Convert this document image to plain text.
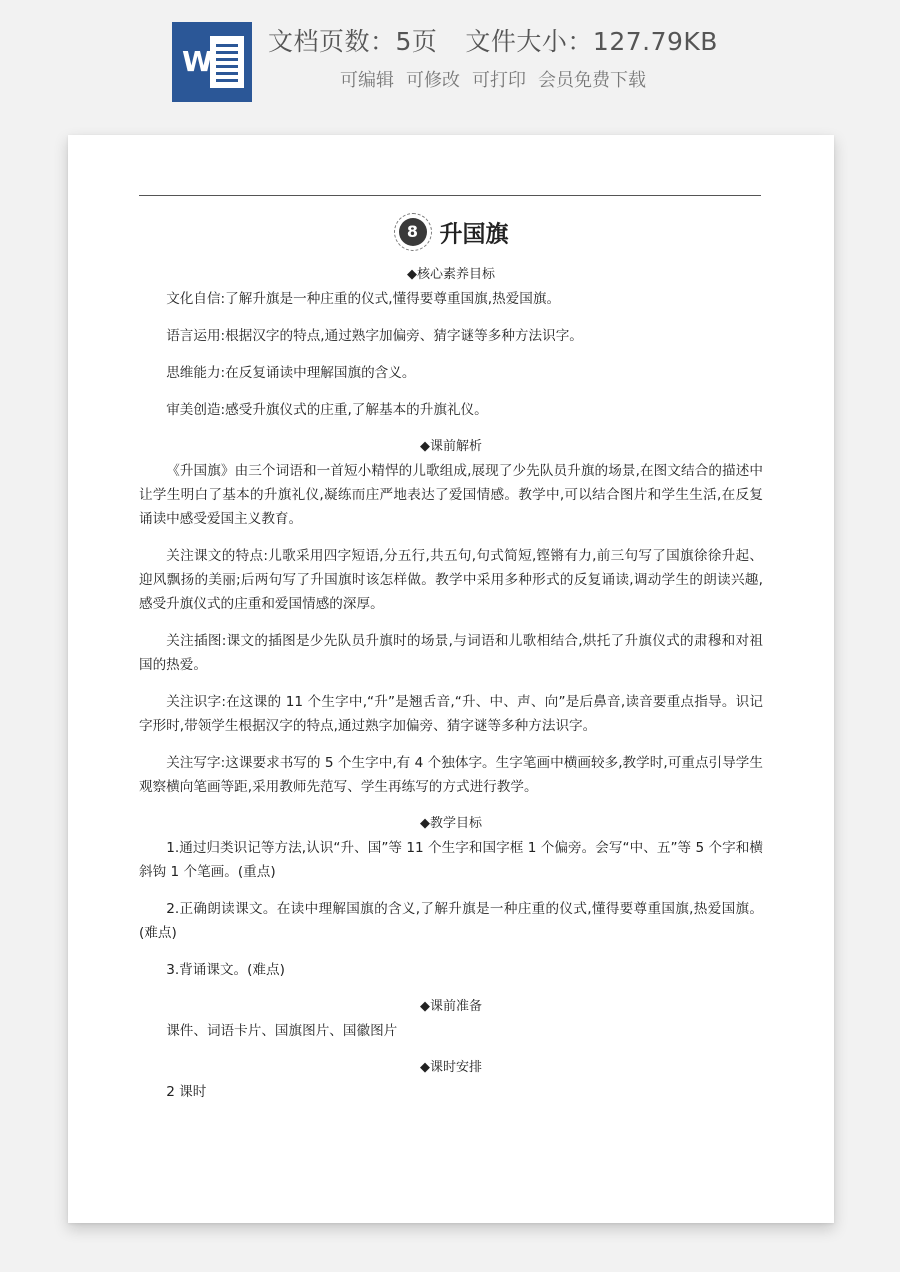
W
文档页数：5页 文件大小：127.79KB
可编辑 可修改 可打印 会员免费下载
8 升国旗
◆核心素养目标

文化自信:了解升旗是一种庄重的仪式,懂得要尊重国旗,热爱国旗。

语言运用:根据汉字的特点,通过熟字加偏旁、猜字谜等多种方法识字。

思维能力:在反复诵读中理解国旗的含义。

审美创造:感受升旗仪式的庄重,了解基本的升旗礼仪。

◆课前解析

《升国旗》由三个词语和一首短小精悍的儿歌组成,展现了少先队员升旗的场景,在图文结合的描述中让学生明白了基本的升旗礼仪,凝练而庄严地表达了爱国情感。教学中,可以结合图片和学生生活,在反复诵读中感受爱国主义教育。

关注课文的特点:儿歌采用四字短语,分五行,共五句,句式简短,铿锵有力,前三句写了国旗徐徐升起、迎风飘扬的美丽;后两句写了升国旗时该怎样做。教学中采用多种形式的反复诵读,调动学生的朗读兴趣,感受升旗仪式的庄重和爱国情感的深厚。

关注插图:课文的插图是少先队员升旗时的场景,与词语和儿歌相结合,烘托了升旗仪式的肃穆和对祖国的热爱。

关注识字:在这课的 11 个生字中,“升”是翘舌音,“升、中、声、向”是后鼻音,读音要重点指导。识记字形时,带领学生根据汉字的特点,通过熟字加偏旁、猜字谜等多种方法识字。

关注写字:这课要求书写的 5 个生字中,有 4 个独体字。生字笔画中横画较多,教学时,可重点引导学生观察横向笔画等距,采用教师先范写、学生再练写的方式进行教学。

◆教学目标

1.通过归类识记等方法,认识“升、国”等 11 个生字和国字框 1 个偏旁。会写“中、五”等 5 个字和横斜钩 1 个笔画。(重点)

2.正确朗读课文。在读中理解国旗的含义,了解升旗是一种庄重的仪式,懂得要尊重国旗,热爱国旗。(难点)

3.背诵课文。(难点)

◆课前准备

课件、词语卡片、国旗图片、国徽图片

◆课时安排

2 课时
